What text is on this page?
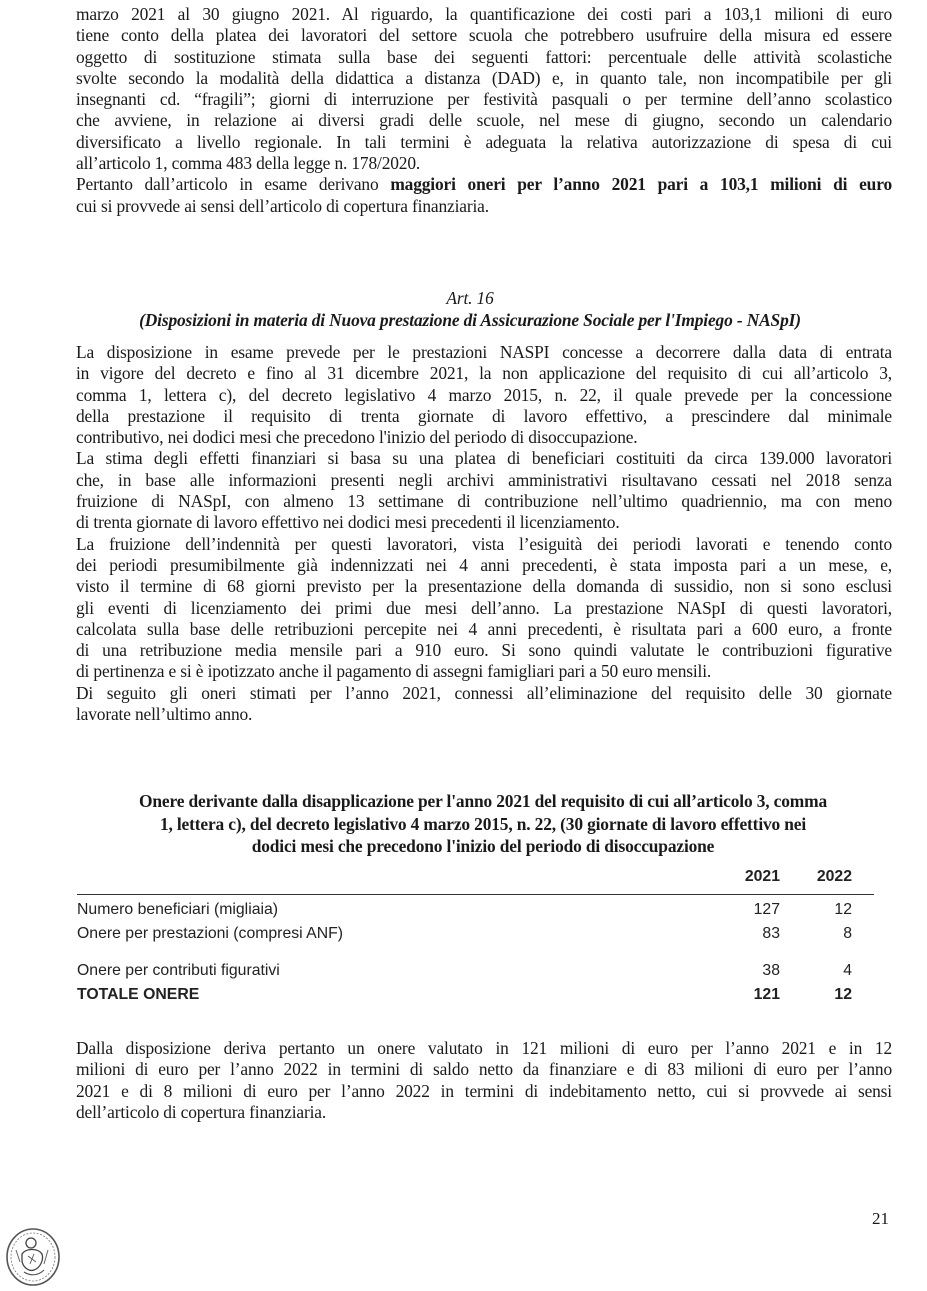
marzo 2021 al 30 giugno 2021. Al riguardo, la quantificazione dei costi pari a 103,1 milioni di euro

tiene conto della platea dei lavoratori del settore scuola che potrebbero usufruire della misura ed essere

oggetto di sostituzione stimata sulla base dei seguenti fattori: percentuale delle attività scolastiche

svolte secondo la modalità della didattica a distanza (DAD) e, in quanto tale, non incompatibile per gli

insegnanti cd. “fragili”; giorni di interruzione per festività pasquali o per termine dell’anno scolastico

che avviene, in relazione ai diversi gradi delle scuole, nel mese di giugno, secondo un calendario

diversificato a livello regionale. In tali termini è adeguata la relativa autorizzazione di spesa di cui

all’articolo 1, comma 483 della legge n. 178/2020.

Pertanto dall’articolo in esame derivano maggiori oneri per l’anno 2021 pari a 103,1 milioni di euro

cui si provvede ai sensi dell’articolo di copertura finanziaria.

Art. 16

(Disposizioni in materia di Nuova prestazione di Assicurazione Sociale per l'Impiego - NASpI)

La disposizione in esame prevede per le prestazioni NASPI concesse a decorrere dalla data di entrata

in vigore del decreto e fino al 31 dicembre 2021, la non applicazione del requisito di cui all’articolo 3,

comma 1, lettera c), del decreto legislativo 4 marzo 2015, n. 22, il quale prevede per la concessione

della prestazione il requisito di trenta giornate di lavoro effettivo, a prescindere dal minimale

contributivo, nei dodici mesi che precedono l'inizio del periodo di disoccupazione.

La stima degli effetti finanziari si basa su una platea di beneficiari costituiti da circa 139.000 lavoratori

che, in base alle informazioni presenti negli archivi amministrativi risultavano cessati nel 2018 senza

fruizione di NASpI, con almeno 13 settimane di contribuzione nell’ultimo quadriennio, ma con meno

di trenta giornate di lavoro effettivo nei dodici mesi precedenti il licenziamento.

La fruizione dell’indennità per questi lavoratori, vista l’esiguità dei periodi lavorati e tenendo conto

dei periodi presumibilmente già indennizzati nei 4 anni precedenti, è stata imposta pari a un mese, e,

visto il termine di 68 giorni previsto per la presentazione della domanda di sussidio, non si sono esclusi

gli eventi di licenziamento dei primi due mesi dell’anno. La prestazione NASpI di questi lavoratori,

calcolata sulla base delle retribuzioni percepite nei 4 anni precedenti, è risultata pari a 600 euro, a fronte

di una retribuzione media mensile pari a 910 euro. Si sono quindi valutate le contribuzioni figurative

di pertinenza e si è ipotizzato anche il pagamento di assegni famigliari pari a 50 euro mensili.

Di seguito gli oneri stimati per l’anno 2021, connessi all’eliminazione del requisito delle 30 giornate

lavorate nell’ultimo anno.

Onere derivante dalla disapplicazione per l'anno 2021 del requisito di cui all’articolo 3, comma
1, lettera c), del decreto legislativo 4 marzo 2015, n. 22, (30 giornate di lavoro effettivo nei
dodici mesi che precedono l'inizio del periodo di disoccupazione
2021 2022
Numero beneficiari (migliaia)	127	12
Onere per prestazioni (compresi ANF)	83	8
Onere per contributi figurativi	38	4
TOTALE ONERE	121	12

Dalla disposizione deriva pertanto un onere valutato in 121 milioni di euro per l’anno 2021 e in 12

milioni di euro per l’anno 2022 in termini di saldo netto da finanziare e di 83 milioni di euro per l’anno

2021 e di 8 milioni di euro per l’anno 2022 in termini di indebitamento netto, cui si provvede ai sensi

dell’articolo di copertura finanziaria.

21
